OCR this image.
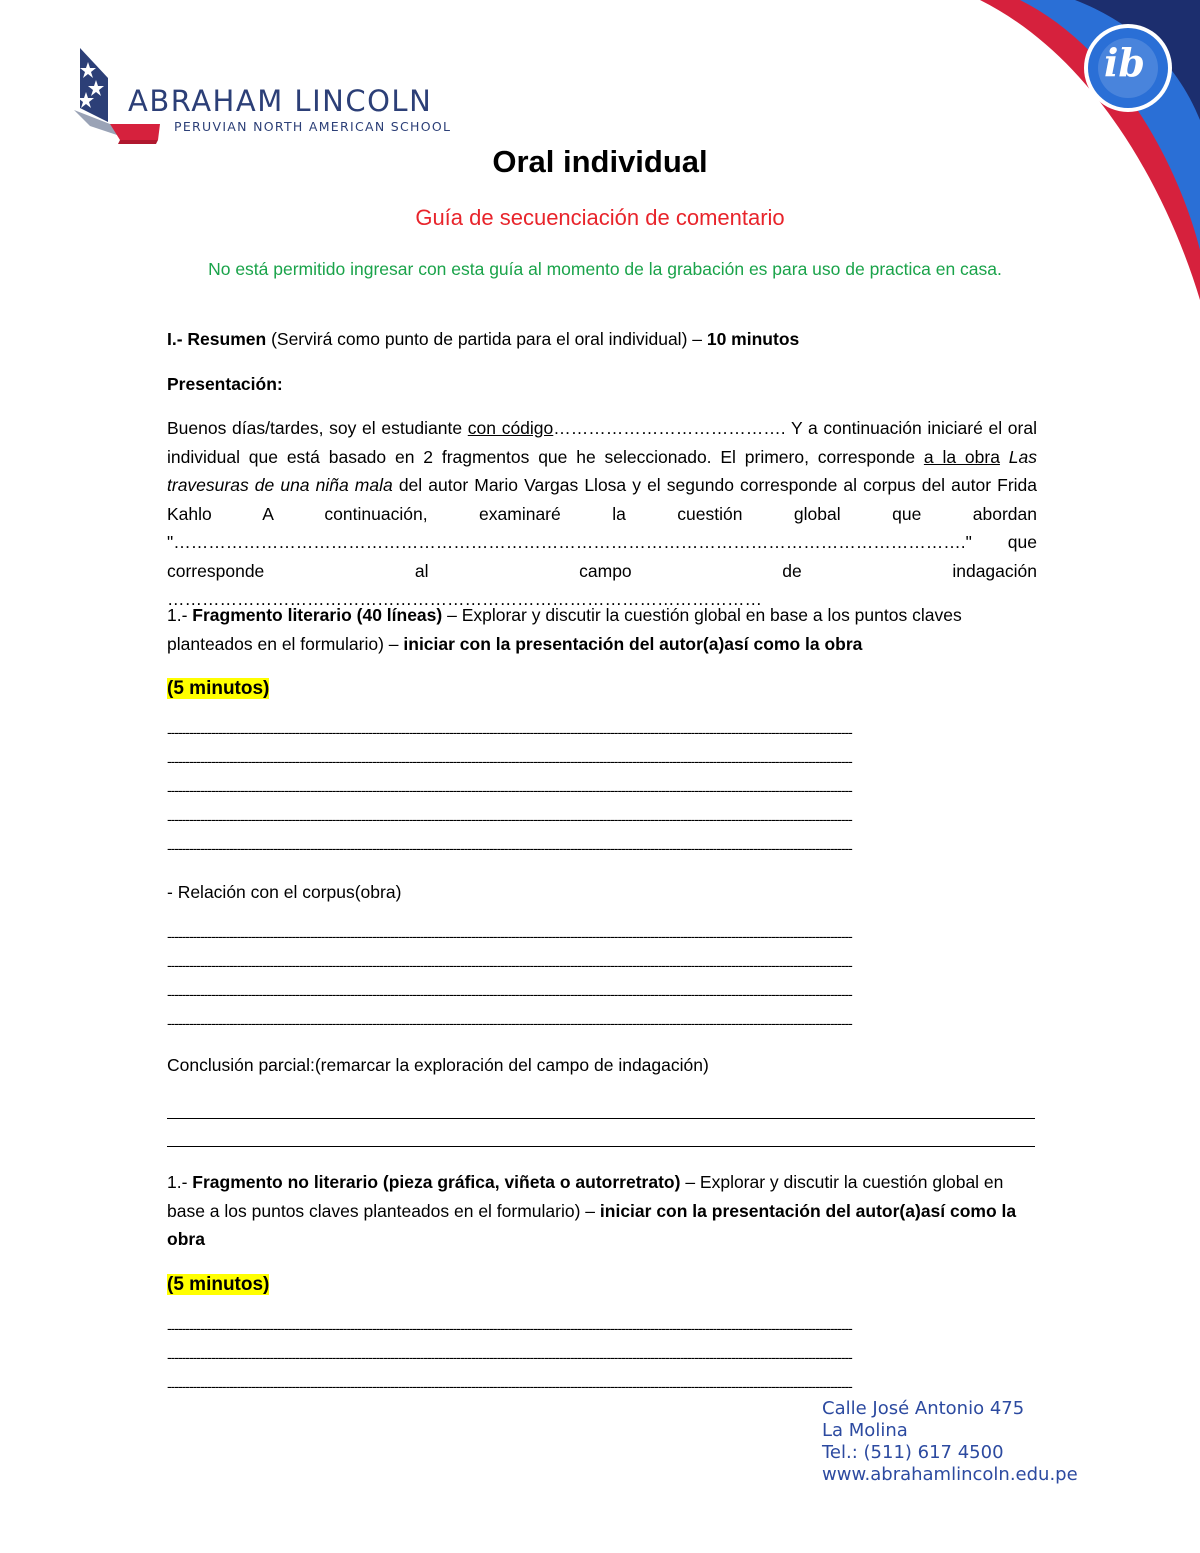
ib
ABRAHAM LINCOLN
PERUVIAN NORTH AMERICAN SCHOOL
Oral individual
Guía de secuenciación de comentario
No está permitido ingresar con esta guía al momento de la grabación es para uso de practica en casa.
I.- Resumen (Servirá como punto de partida para el oral individual) – 10 minutos
Presentación:
Buenos días/tardes, soy el estudiante con código…………………………………. Y a continuación iniciaré el oral individual que está basado en 2 fragmentos que he seleccionado. El primero, corresponde a la obra Las travesuras de una niña mala del autor Mario Vargas Llosa y el segundo corresponde al corpus del autor Frida Kahlo A continuación, examinaré la cuestión global que abordan "………………………………………………………………………………………………………………………." que corresponde al campo de indagación …………………………………………………………………………………………
1.- Fragmento literario (40 líneas) – Explorar y discutir la cuestión global en base a los puntos claves planteados en el formulario) – iniciar con la presentación del autor(a)así como la obra
(5 minutos)
-------------------------------------------------------------------------------------------------------------------------------------------------------------------------------------------
-------------------------------------------------------------------------------------------------------------------------------------------------------------------------------------------
-------------------------------------------------------------------------------------------------------------------------------------------------------------------------------------------
-------------------------------------------------------------------------------------------------------------------------------------------------------------------------------------------
-------------------------------------------------------------------------------------------------------------------------------------------------------------------------------------------
- Relación con el corpus(obra)
-------------------------------------------------------------------------------------------------------------------------------------------------------------------------------------------
-------------------------------------------------------------------------------------------------------------------------------------------------------------------------------------------
-------------------------------------------------------------------------------------------------------------------------------------------------------------------------------------------
-------------------------------------------------------------------------------------------------------------------------------------------------------------------------------------------
Conclusión parcial:(remarcar la exploración del campo de indagación)
1.- Fragmento no literario (pieza gráfica, viñeta o autorretrato) – Explorar y discutir la cuestión global en base a los puntos claves planteados en el formulario) – iniciar con la presentación del autor(a)así como la obra
(5 minutos)
-------------------------------------------------------------------------------------------------------------------------------------------------------------------------------------------
-------------------------------------------------------------------------------------------------------------------------------------------------------------------------------------------
-------------------------------------------------------------------------------------------------------------------------------------------------------------------------------------------
Calle José Antonio 475
La Molina
Tel.: (511) 617 4500
www.abrahamlincoln.edu.pe
